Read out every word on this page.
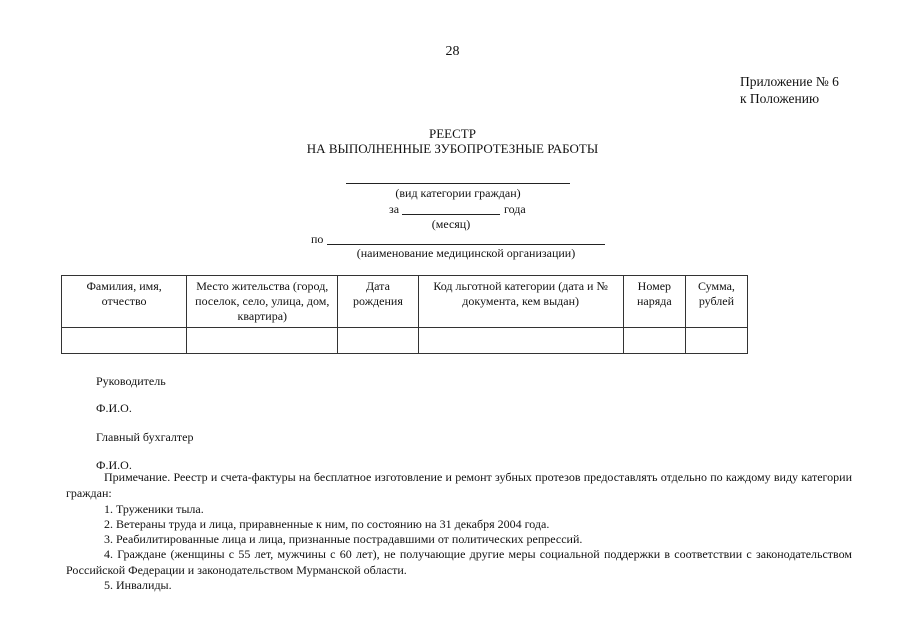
28
Приложение № 6
к Положению
РЕЕСТР
НА ВЫПОЛНЕННЫЕ ЗУБОПРОТЕЗНЫЕ РАБОТЫ
(вид категории граждан)
за	года
(месяц)
по
(наименование медицинской организации)
Фамилия, имя, отчество	Место жительства (город, поселок, село, улица, дом, квартира)	Дата рождения	Код льготной категории (дата и № документа, кем выдан)	Номер наряда	Сумма, рублей

Руководитель
Ф.И.О.
Главный бухгалтер
Ф.И.О.
Примечание. Реестр и счета-фактуры на бесплатное изготовление и ремонт зубных протезов предоставлять отдельно по каждому виду категории граждан:
1. Труженики тыла.
2. Ветераны труда и лица, приравненные к ним, по состоянию на 31 декабря 2004 года.
3. Реабилитированные лица и лица, признанные пострадавшими от политических репрессий.
4. Граждане (женщины с 55 лет, мужчины с 60 лет), не получающие другие меры социальной поддержки в соответствии с законодательством Российской Федерации и законодательством Мурманской области.
5. Инвалиды.
